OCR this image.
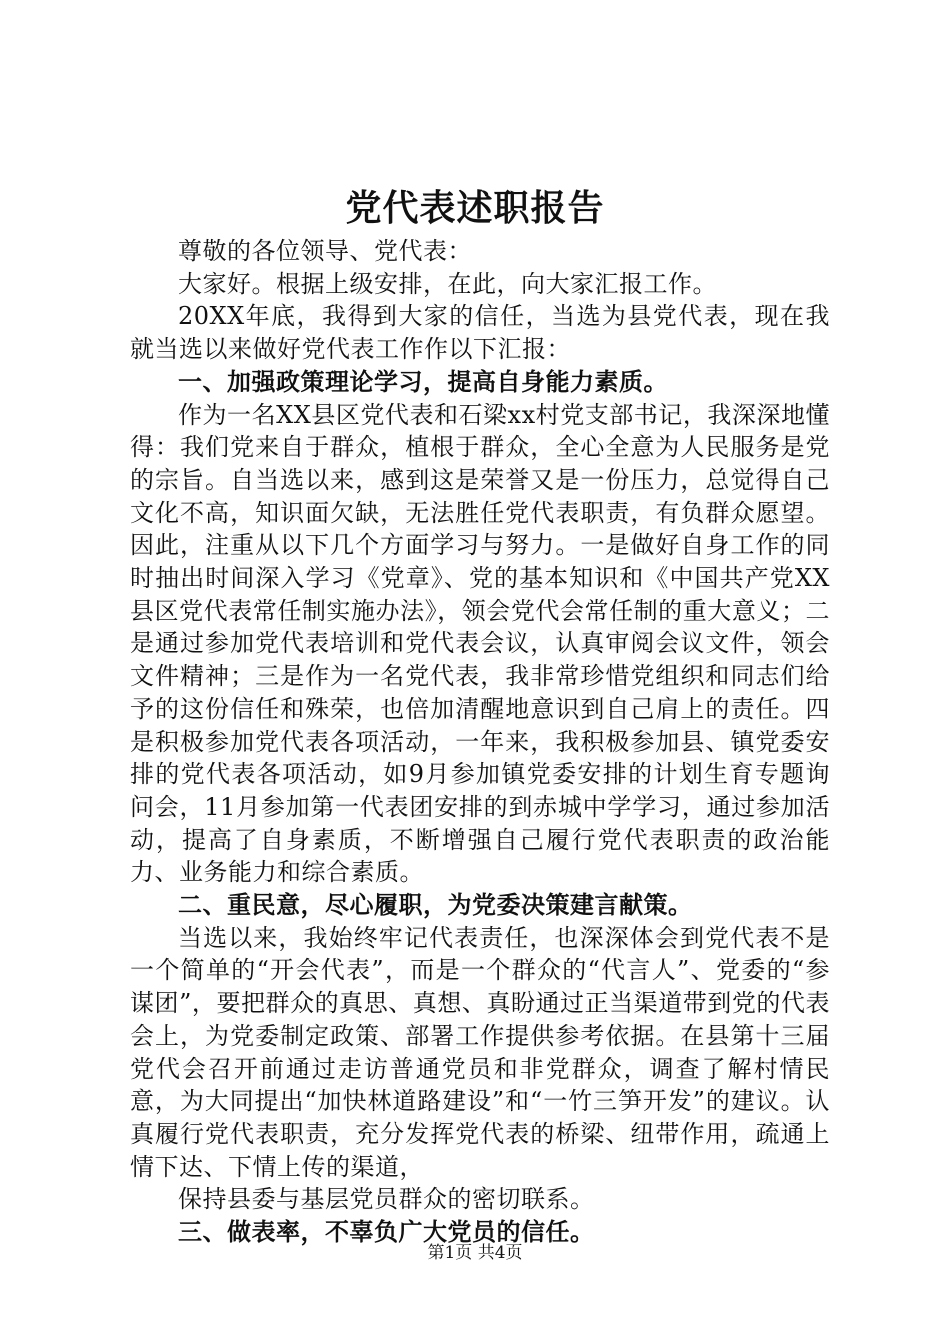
党代表述职报告

尊敬的各位领导、党代表：

大家好。根据上级安排，在此，向大家汇报工作。

20XX年底，我得到大家的信任，当选为县党代表，现在我就当选以来做好党代表工作作以下汇报：

一、加强政策理论学习，提高自身能力素质。

作为一名XX县区党代表和石梁xx村党支部书记，我深深地懂得：我们党来自于群众，植根于群众，全心全意为人民服务是党的宗旨。自当选以来，感到这是荣誉又是一份压力，总觉得自己文化不高，知识面欠缺，无法胜任党代表职责，有负群众愿望。因此，注重从以下几个方面学习与努力。一是做好自身工作的同时抽出时间深入学习《党章》、党的基本知识和《中国共产党XX县区党代表常任制实施办法》，领会党代会常任制的重大意义；二是通过参加党代表培训和党代表会议，认真审阅会议文件，领会文件精神；三是作为一名党代表，我非常珍惜党组织和同志们给予的这份信任和殊荣，也倍加清醒地意识到自己肩上的责任。四是积极参加党代表各项活动，一年来，我积极参加县、镇党委安排的党代表各项活动，如9月参加镇党委安排的计划生育专题询问会，11月参加第一代表团安排的到赤城中学学习，通过参加活动，提高了自身素质，不断增强自己履行党代表职责的政治能力、业务能力和综合素质。

二、重民意，尽心履职，为党委决策建言献策。

当选以来，我始终牢记代表责任，也深深体会到党代表不是一个简单的“开会代表”，而是一个群众的“代言人”、党委的“参谋团”，要把群众的真思、真想、真盼通过正当渠道带到党的代表会上，为党委制定政策、部署工作提供参考依据。在县第十三届党代会召开前通过走访普通党员和非党群众，调查了解村情民意，为大同提出“加快林道路建设”和“一竹三笋开发”的建议。认真履行党代表职责，充分发挥党代表的桥梁、纽带作用，疏通上情下达、下情上传的渠道，

保持县委与基层党员群众的密切联系。

三、做表率，不辜负广大党员的信任。

第1页 共4页
